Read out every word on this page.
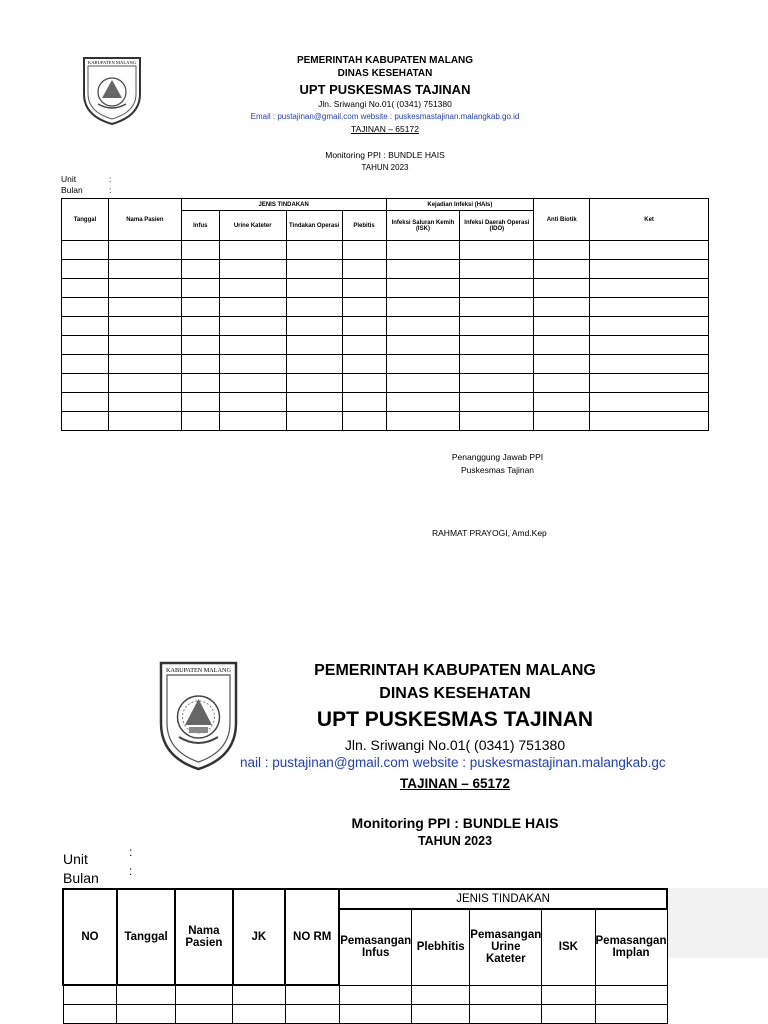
KABUPATEN MALANG	PEMERINTAH KABUPATEN MALANG
DINAS KESEHATAN
UPT PUSKESMAS TAJINAN
Jln. Sriwangi No.01( (0341) 751380
Email : pustajinan@gmail.com website : puskesmastajinan.malangkab.go.id
TAJINAN – 65172
Monitoring PPI : BUNDLE HAIS
TAHUN 2023
Unit	:
Bulan	:
Tanggal	Nama Pasien	JENIS TINDAKAN				Kejadian Infeksi (HAIs)		Anti Biotik	Ket
		Infus	Urine Kateter	Tindakan Operasi	Plebitis	Infeksi Saluran Kemih (ISK)	Infeksi Daerah Operasi (IDO)		

Penanggung Jawab PPI
Puskesmas Tajinan
RAHMAT PRAYOGI, Amd.Kep
KABUPATEN MALANG	PEMERINTAH KABUPATEN MALANG
DINAS KESEHATAN
UPT PUSKESMAS TAJINAN
Jln. Sriwangi No.01( (0341) 751380
nail : pustajinan@gmail.com website : puskesmastajinan.malangkab.gc
TAJINAN – 65172
Monitoring PPI : BUNDLE HAIS
TAHUN 2023
Unit	:
Bulan	:
NO	Tanggal	Nama Pasien	JK	NO RM	JENIS TINDAKAN				
					Pemasangan Infus	Plebhitis	Pemasangan Urine Kateter	ISK	Pemasangan Implan
